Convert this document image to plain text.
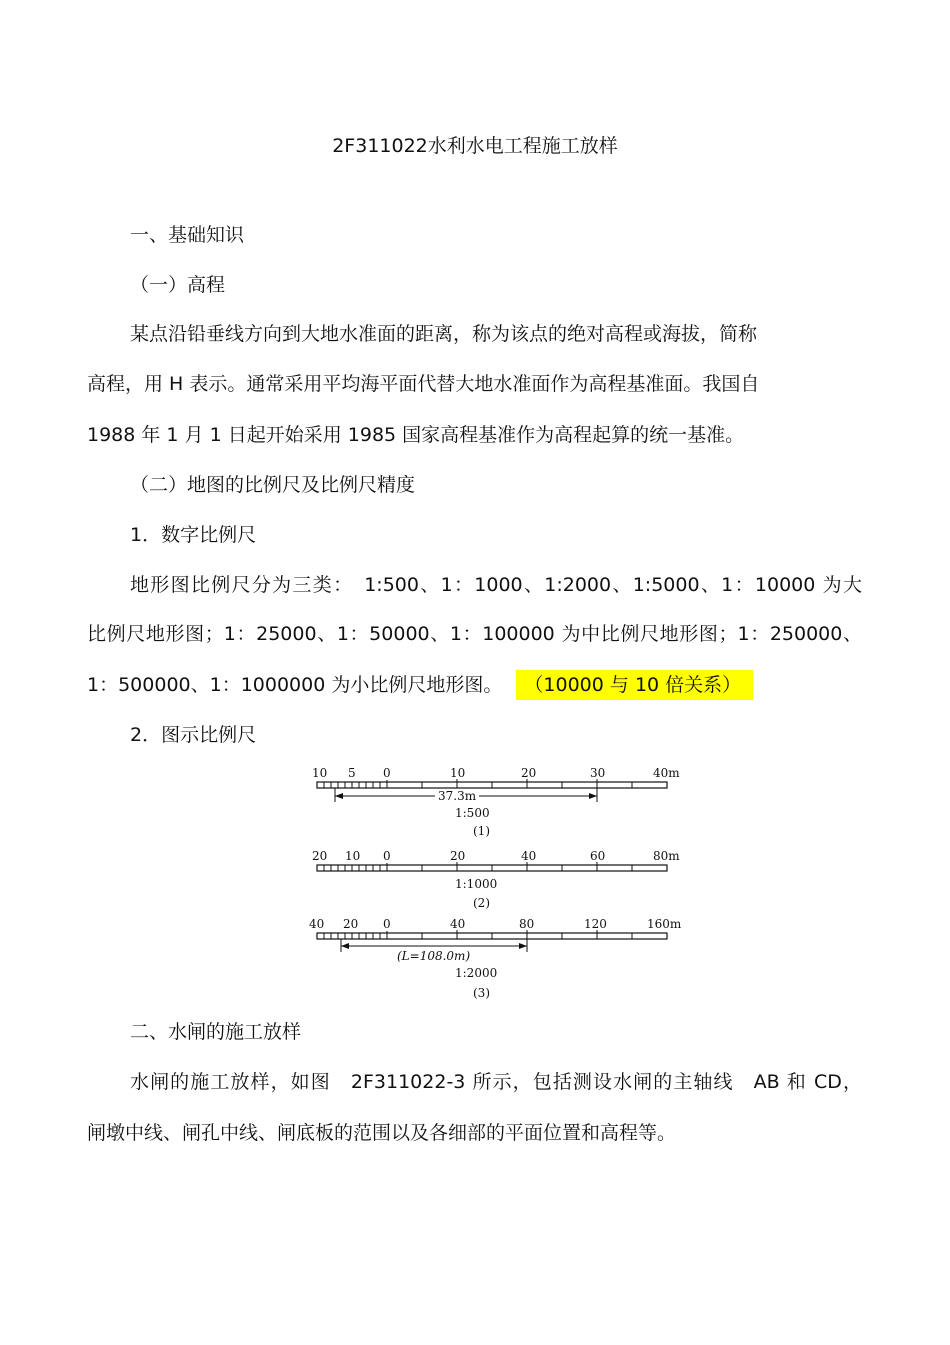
2F311022水利水电工程施工放样
一、基础知识
（一）高程
某点沿铅垂线方向到大地水准面的距离，称为该点的绝对高程或海拔，简称
高程，用 H 表示。通常采用平均海平面代替大地水准面作为高程基准面。我国自
1988 年 1 月 1 日起开始采用 1985 国家高程基准作为高程起算的统一基准。
（二）地图的比例尺及比例尺精度
1．数字比例尺
地形图比例尺分为三类：　1:500、1：1000、1:2000、1:5000、1：10000 为大
比例尺地形图；1：25000、1：50000、1：100000 为中比例尺地形图；1：250000、
1：500000、1：1000000 为小比例尺地形图。 （10000 与 10 倍关系）
2．图示比例尺
10 5 0	10	20	30	40m
37.3m
1:500
(1)
20 10 0	20	40	60	80m
1:1000
(2)
40 20 0	40	80	120	160m
(L=108.0m)
1:2000
(3)
二、水闸的施工放样
水闸的施工放样，如图　2F311022-3 所示，包括测设水闸的主轴线　AB 和 CD，
闸墩中线、闸孔中线、闸底板的范围以及各细部的平面位置和高程等。
